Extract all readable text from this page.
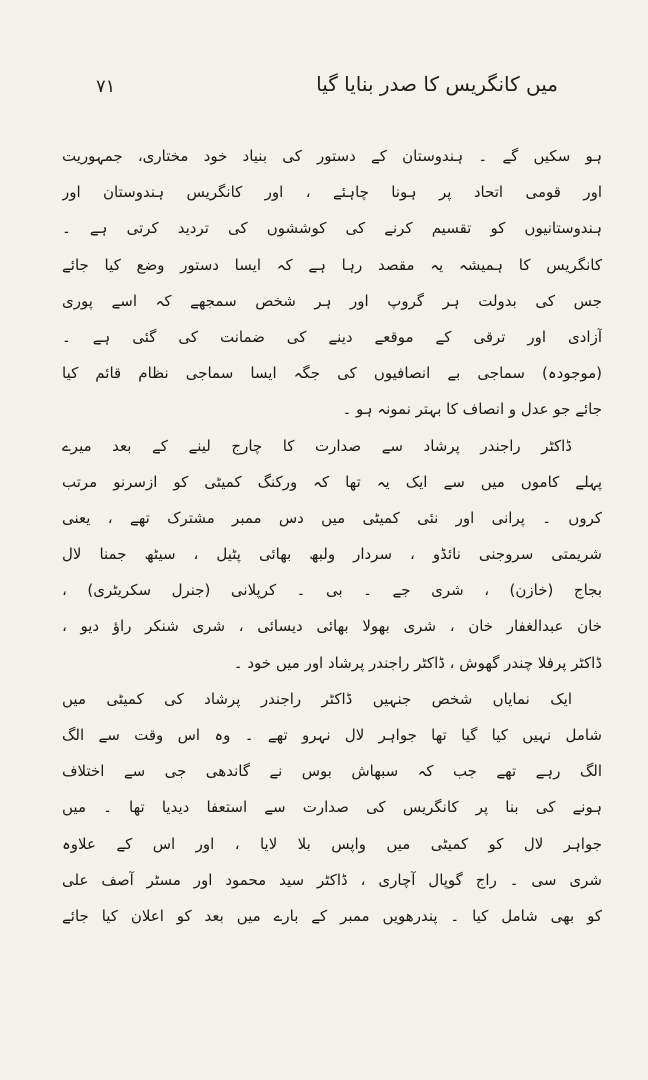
۷۱	میں کانگریس کا صدر بنایا گیا
ہو سکیں گے ۔ ہندوستان کے دستور کی بنیاد خود مختاری، جمہوریت
اور قومی اتحاد پر ہونا چاہئے ، اور کانگریس ہندوستان اور
ہندوستانیوں کو تقسیم کرنے کی کوششوں کی تردید کرتی ہے ۔
کانگریس کا ہمیشہ یہ مقصد رہا ہے کہ ایسا دستور وضع کیا جائے
جس کی بدولت ہر گروپ اور ہر شخص سمجھے کہ اسے پوری
آزادی اور ترقی کے موقعے دینے کی ضمانت کی گئی ہے ۔
(موجودہ) سماجی بے انصافیوں کی جگہ ایسا سماجی نظام قائم کیا
جائے جو عدل و انصاف کا بہتر نمونہ ہو ۔
ڈاکٹر راجندر پرشاد سے صدارت کا چارج لینے کے بعد میرے
پہلے کاموں میں سے ایک یہ تھا کہ ورکنگ کمیٹی کو ازسرنو مرتب
کروں ۔ پرانی اور نئی کمیٹی میں دس ممبر مشترک تھے ، یعنی
شریمتی سروجنی نائڈو ، سردار ولبھ بھائی پٹیل ، سیٹھ جمنا لال
بجاج (خازن) ، شری جے ۔ بی ۔ کرپلانی (جنرل سکریٹری) ،
خان عبدالغفار خان ، شری بھولا بھائی دیسائی ، شری شنکر راؤ دیو ،
ڈاکٹر پرفلا چندر گھوش ، ڈاکٹر راجندر پرشاد اور میں خود ۔
ایک نمایاں شخص جنہیں ڈاکٹر راجندر پرشاد کی کمیٹی میں
شامل نہیں کیا گیا تھا جواہر لال نہرو تھے ۔ وہ اس وقت سے الگ
الگ رہے تھے جب کہ سبھاش بوس نے گاندھی جی سے اختلاف
ہونے کی بنا پر کانگریس کی صدارت سے استعفا دیدیا تھا ۔ میں
جواہر لال کو کمیٹی میں واپس بلا لایا ، اور اس کے علاوہ
شری سی ۔ راج گوپال آچاری ، ڈاکٹر سید محمود اور مسٹر آصف علی
کو بھی شامل کیا ۔ پندرھویں ممبر کے بارے میں بعد کو اعلان کیا جائے
